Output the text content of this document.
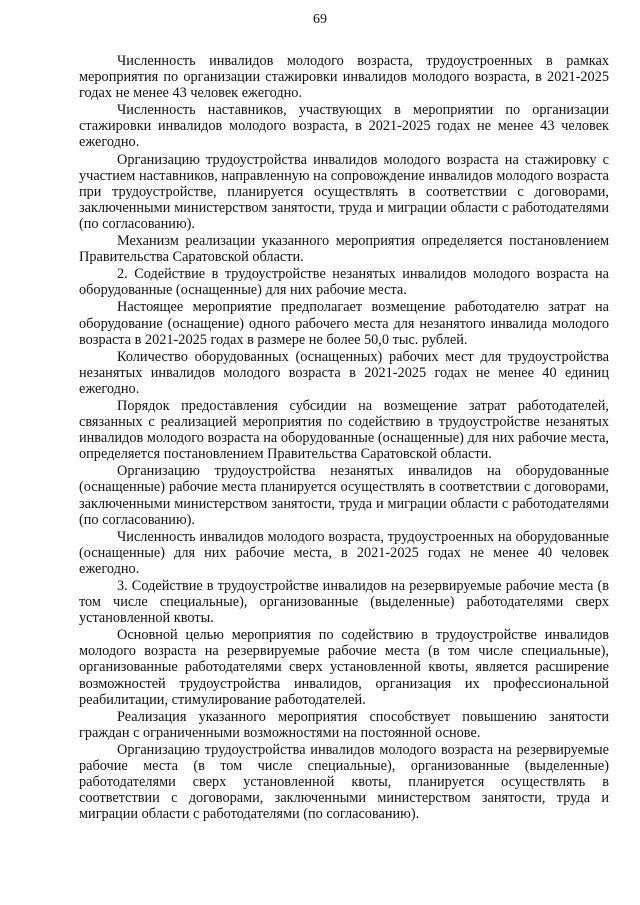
69

Численность инвалидов молодого возраста, трудоустроенных в рамках мероприятия по организации стажировки инвалидов молодого возраста, в 2021-2025 годах не менее 43 человек ежегодно.

Численность наставников, участвующих в мероприятии по организации стажировки инвалидов молодого возраста, в 2021-2025 годах не менее 43 человек ежегодно.

Организацию трудоустройства инвалидов молодого возраста на стажировку с участием наставников, направленную на сопровождение инвалидов молодого возраста при трудоустройстве, планируется осуществлять в соответствии с договорами, заключенными министерством занятости, труда и миграции области с работодателями (по согласованию).

Механизм реализации указанного мероприятия определяется постановлением Правительства Саратовской области.

2. Содействие в трудоустройстве незанятых инвалидов молодого возраста на оборудованные (оснащенные) для них рабочие места.

Настоящее мероприятие предполагает возмещение работодателю затрат на оборудование (оснащение) одного рабочего места для незанятого инвалида молодого возраста в 2021-2025 годах в размере не более 50,0 тыс. рублей.

Количество оборудованных (оснащенных) рабочих мест для трудоустройства незанятых инвалидов молодого возраста в 2021-2025 годах не менее 40 единиц ежегодно.

Порядок предоставления субсидии на возмещение затрат работодателей, связанных с реализацией мероприятия по содействию в трудоустройстве незанятых инвалидов молодого возраста на оборудованные (оснащенные) для них рабочие места, определяется постановлением Правительства Саратовской области.

Организацию трудоустройства незанятых инвалидов на оборудованные (оснащенные) рабочие места планируется осуществлять в соответствии с договорами, заключенными министерством занятости, труда и миграции области с работодателями (по согласованию).

Численность инвалидов молодого возраста, трудоустроенных на оборудованные (оснащенные) для них рабочие места, в 2021-2025 годах не менее 40 человек ежегодно.

3. Содействие в трудоустройстве инвалидов на резервируемые рабочие места (в том числе специальные), организованные (выделенные) работодателями сверх установленной квоты.

Основной целью мероприятия по содействию в трудоустройстве инвалидов молодого возраста на резервируемые рабочие места (в том числе специальные), организованные работодателями сверх установленной квоты, является расширение возможностей трудоустройства инвалидов, организация их профессиональной реабилитации, стимулирование работодателей.

Реализация указанного мероприятия способствует повышению занятости граждан с ограниченными возможностями на постоянной основе.

Организацию трудоустройства инвалидов молодого возраста на резервируемые рабочие места (в том числе специальные), организованные (выделенные) работодателями сверх установленной квоты, планируется осуществлять в соответствии с договорами, заключенными министерством занятости, труда и миграции области с работодателями (по согласованию).
